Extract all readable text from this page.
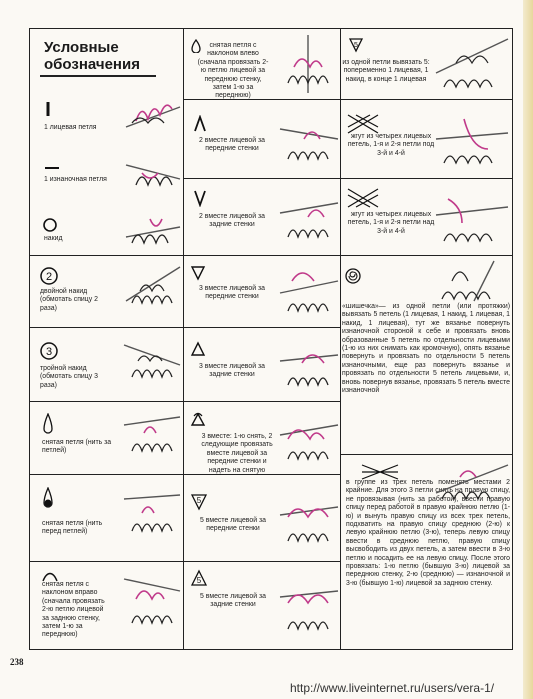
Условные
обозначения
1 лицевая петля
1 изнаночная петля
накид
2
двойной накид (обмотать спицу 2 раза)
3
тройной накид (обмотать спицу 3 раза)
снятая петля (нить за петлей)
снятая петля (нить перед петлей)
снятая петля с наклоном вправо (сначала провязать 2-ю петлю лицевой за заднюю стенку, затем 1-ю за переднюю)
снятая петля с наклоном влево (сначала провязать 2-ю петлю лицевой за переднюю стенку, затем 1-ю за переднюю)
2 вместе лицевой за передние стенки
2 вместе лицевой за задние стенки
3 вместе лицевой за передние стенки
3 вместе лицевой за задние стенки
3 вместе: 1-ю снять, 2 следующие провязать вместе лицевой за передние стенки и надеть на снятую
5
5 вместе лицевой за передние стенки
5
5 вместе лицевой за задние стенки
5
из одной петли вывязать 5: попеременно 1 лицевая, 1 накид, в конце 1 лицевая
жгут из четырех лицевых петель, 1-я и 2-я петли под 3-й и 4-й
жгут из четырех лицевых петель, 1-я и 2-я петли над 3-й и 4-й
«шишечка»— из одной петли (или протяжки) вывязать 5 петель (1 лицевая, 1 накид, 1 лицевая, 1 накид, 1 лицевая), тут же вязанье повернуть изнаночной стороной к себе и провязать вновь образованные 5 петель по отдельности лицевыми (1-ю из них снимать как кромочную), опять вязанье повернуть и провязать по отдельности 5 петель изнаночными, еще раз повернуть вязанье и провязать по отдельности 5 петель лицевыми, и, вновь повернув вязанье, провязать 5 петель вместе изнаночной
в группе из трех петель поменять местами 2 крайние. Для этого 3 петли снять на правую спицу, не провязывая (нить за работой), ввести правую спицу перед работой в правую крайнюю петлю (1-ю) и вынуть правую спицу из всех трех петель, подхватить на правую спицу среднюю (2-ю) к левую крайнюю петлю (3-ю), теперь левую спицу ввести в среднюю петлю, правую спицу высвободить из двух петель, а затем ввести в 3-ю петлю и посадить ее на левую спицу. После этого провязать: 1-ю петлю (бывшую 3-ю) лицевой за переднюю стенку, 2-ю (среднюю) — изнаночной и 3-ю (бывшую 1-ю) лицевой за заднюю стенку.
238
http://www.liveinternet.ru/users/vera-1/
